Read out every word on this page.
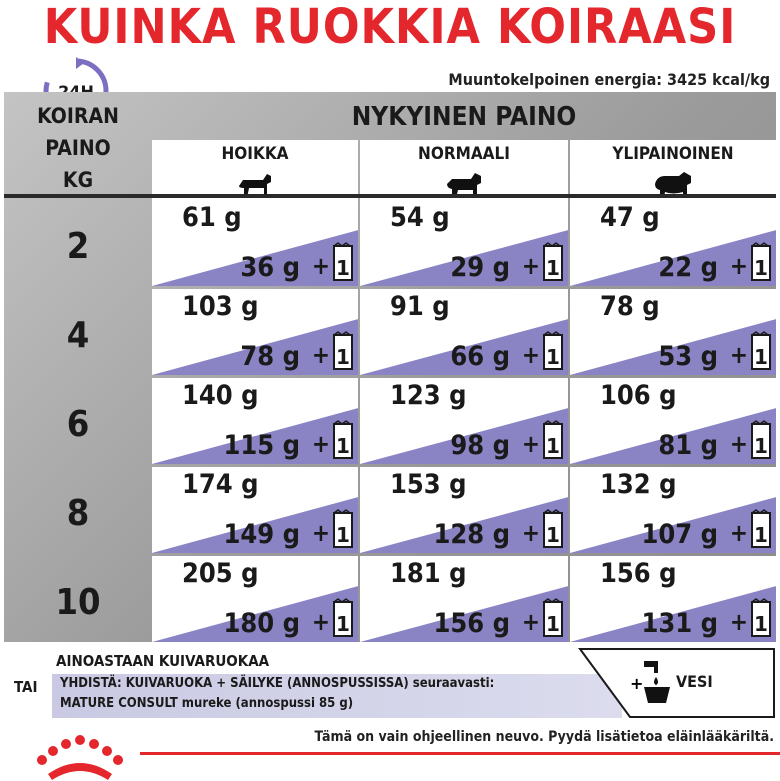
KUINKA RUOKKIA KOIRAASI
Muuntokelpoinen energia: 3425 kcal/kg
KOIRAN
PAINO
KG
NYKYINEN PAINO
HOIKKA	NORMAALI	YLIPAINOINEN
2
61 g
36 g + 1
54 g
29 g + 1
47 g
22 g + 1
4
103 g
78 g + 1
91 g
66 g + 1
78 g
53 g + 1
6
140 g
115 g + 1
123 g
98 g + 1
106 g
81 g + 1
8
174 g
149 g + 1
153 g
128 g + 1
132 g
107 g + 1
10
205 g
180 g + 1
181 g
156 g + 1
156 g
131 g + 1
AINOASTAAN KUIVARUOKAA
TAI YHDISTÄ: KUIVARUOKA + SÄILYKE (ANNOSPUSSISSA) seuraavasti:
MATURE CONSULT mureke (annospussi 85 g)
+ VESI
Tämä on vain ohjeellinen neuvo. Pyydä lisätietoa eläinlääkäriltä.
